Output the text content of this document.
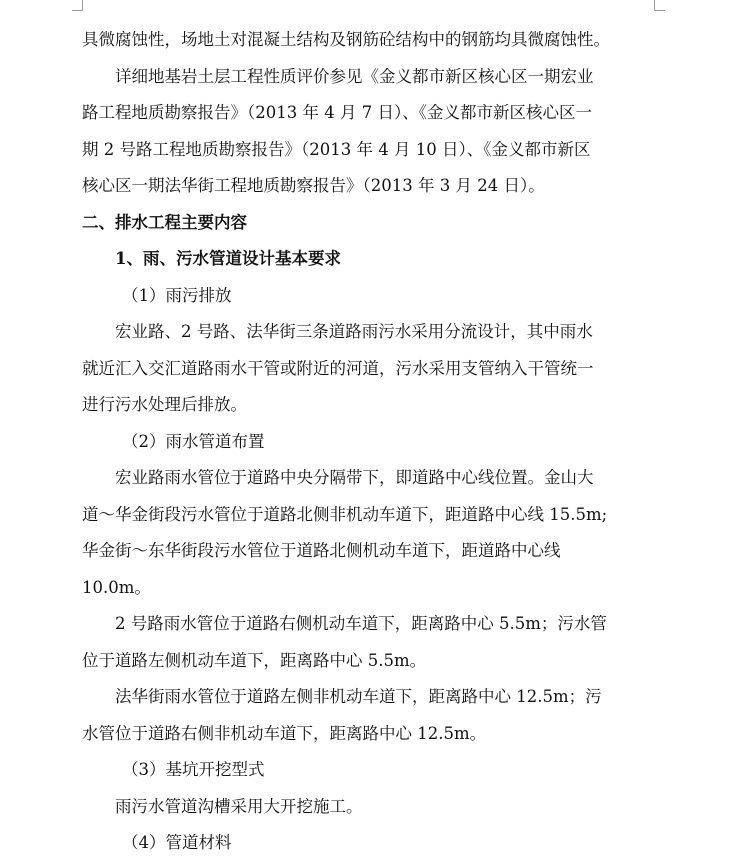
具微腐蚀性，场地土对混凝土结构及钢筋砼结构中的钢筋均具微腐蚀性。

详细地基岩土层工程性质评价参见《金义都市新区核心区一期宏业

路工程地质勘察报告》（2013 年 4 月 7 日）、《金义都市新区核心区一

期 2 号路工程地质勘察报告》（2013 年 4 月 10 日）、《金义都市新区

核心区一期法华街工程地质勘察报告》（2013 年 3 月 24 日）。

二、排水工程主要内容

1、雨、污水管道设计基本要求

（1）雨污排放

宏业路、2 号路、法华街三条道路雨污水采用分流设计，其中雨水

就近汇入交汇道路雨水干管或附近的河道，污水采用支管纳入干管统一

进行污水处理后排放。

（2）雨水管道布置

宏业路雨水管位于道路中央分隔带下，即道路中心线位置。金山大

道～华金街段污水管位于道路北侧非机动车道下，距道路中心线 15.5m;

华金街～东华街段污水管位于道路北侧机动车道下，距道路中心线

10.0m。

2 号路雨水管位于道路右侧机动车道下，距离路中心 5.5m；污水管

位于道路左侧机动车道下，距离路中心 5.5m。

法华街雨水管位于道路左侧非机动车道下，距离路中心 12.5m；污

水管位于道路右侧非机动车道下，距离路中心 12.5m。

（3）基坑开挖型式

雨污水管道沟槽采用大开挖施工。

（4）管道材料
